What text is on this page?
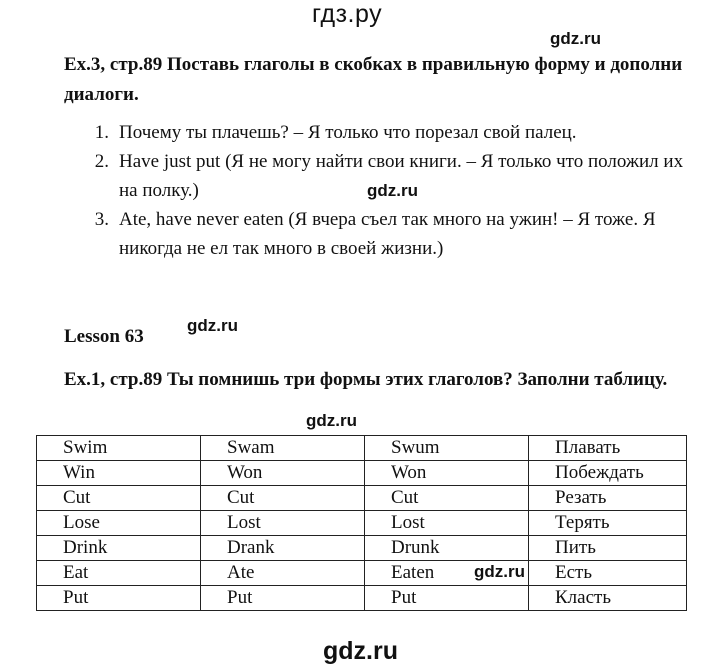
гдз.ру
gdz.ru
Ex.3, стр.89 Поставь глаголы в скобках в правильную форму и дополни диалоги.
1. Почему ты плачешь? – Я только что порезал свой палец.
2. Have just put (Я не могу найти свои книги. – Я только что положил их на полку.)
3. Ate, have never eaten (Я вчера съел так много на ужин! – Я тоже. Я никогда не ел так много в своей жизни.)
gdz.ru
Lesson 63
gdz.ru
Ex.1, стр.89 Ты помнишь три формы этих глаголов? Заполни таблицу.
gdz.ru
Swim	Swam	Swum	Плавать
Win	Won	Won	Побеждать
Cut	Cut	Cut	Резать
Lose	Lost	Lost	Терять
Drink	Drank	Drunk	Пить
Eat	Ate	Eaten	Есть
Put	Put	Put	Класть
gdz.ru
gdz.ru
